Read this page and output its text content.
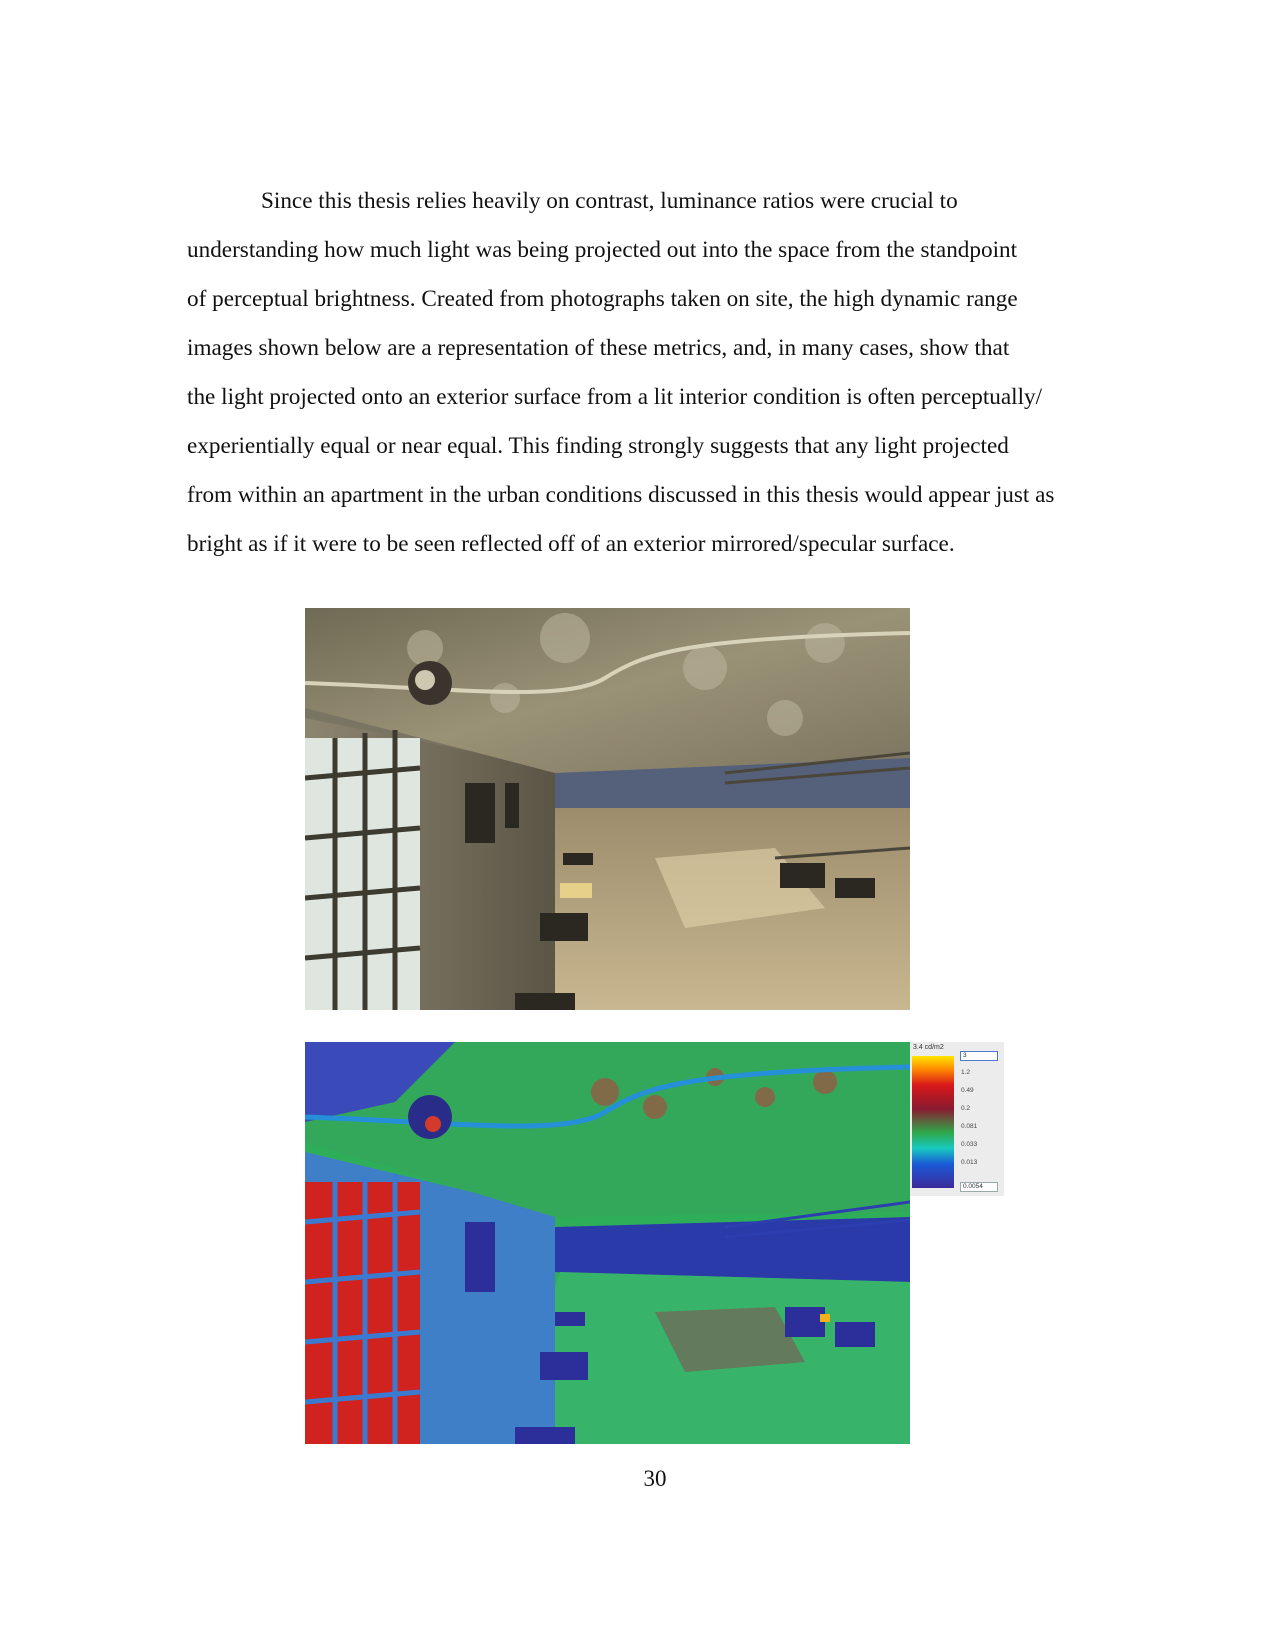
Since this thesis relies heavily on contrast, luminance ratios were crucial to
understanding how much light was being projected out into the space from the standpoint
of perceptual brightness. Created from photographs taken on site, the high dynamic range
images shown below are a representation of these metrics, and, in many cases, show that
the light projected onto an exterior surface from a lit interior condition is often perceptually/
experientially equal or near equal. This finding strongly suggests that any light projected
from within an apartment in the urban conditions discussed in this thesis would appear just as
bright as if it were to be seen reflected off of an exterior mirrored/specular surface.
3.4 cd/m2
3
1.2
0.49
0.2
0.081
0.033
0.013
0.0054
30
